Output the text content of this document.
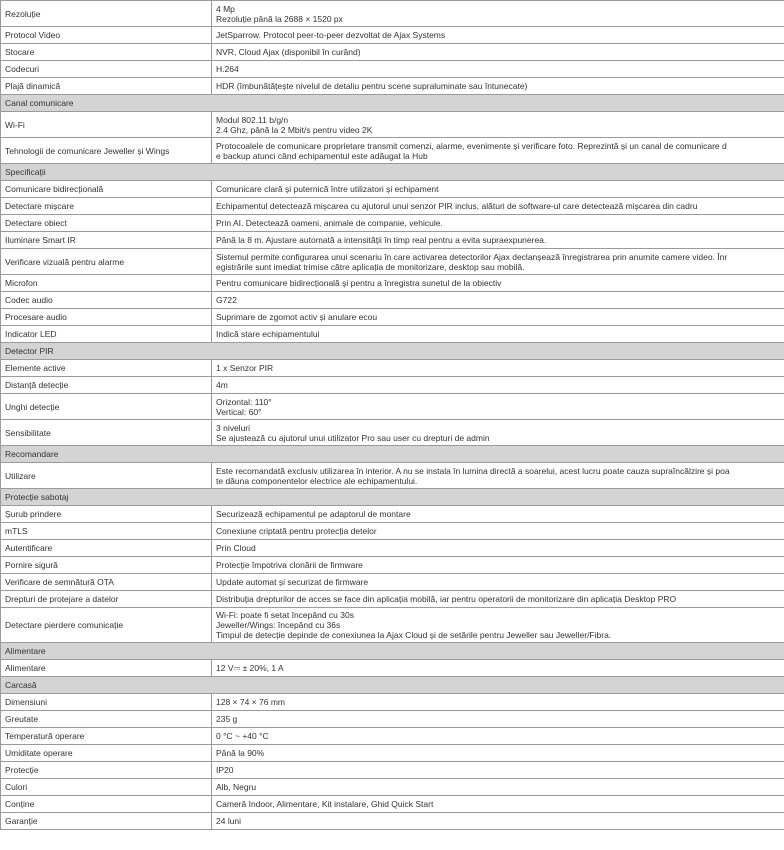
Rezoluție	4 Mp
Rezoluție până la 2688 × 1520 px

Protocol Video	JetSparrow. Protocol peer-to-peer dezvoltat de Ajax Systems

Stocare	NVR, Cloud Ajax (disponibil în curând)

Codecuri	H.264

Plajă dinamică	HDR (îmbunătățește nivelul de detaliu pentru scene supraluminate sau întunecate)

Canal comunicare	
Wi-Fi	Modul 802.11 b/g/n
2.4 Ghz, până la 2 Mbit/s pentru video 2K

Tehnologii de comunicare Jeweller și Wings	Protocoalele de comunicare proprietare transmit comenzi, alarme, evenimente și verificare foto. Reprezintă și un canal de comunicare d
e backup atunci când echipamentul este adăugat la Hub

Specificații	
Comunicare bidirecțională	Comunicare clară și puternică între utilizatori și echipament

Detectare mișcare	Echipamentul detectează mișcarea cu ajutorul unui senzor PIR inclus, alături de software-ul care detectează mișcarea din cadru

Detectare obiect	Prin AI. Detectează oameni, animale de companie, vehicule.

Iluminare Smart IR	Până la 8 m. Ajustare automată a intensității în timp real pentru a evita supraexpunerea.

Verificare vizuală pentru alarme	Sistemul permite configurarea unui scenariu în care activarea detectorilor Ajax declanșează înregistrarea prin anumite camere video. Înr
egistrările sunt imediat trimise către aplicația de monitorizare, desktop sau mobilă.

Microfon	Pentru comunicare bidirecțională și pentru a înregistra sunetul de la obiectiv

Codec audio	G722

Procesare audio	Suprimare de zgomot activ și anulare ecou

Indicator LED	Indică stare echipamentului

Detector PIR	
Elemente active	1 x Senzor PIR

Distanță detecție	4m

Unghi detecție	Orizontal: 110°
Vertical: 60°

Sensibilitate	3 niveluri
Se ajustează cu ajutorul unui utilizator Pro sau user cu drepturi de admin

Recomandare	
Utilizare	Este recomandată exclusiv utilizarea în interior. A nu se instala în lumina directă a soarelui, acest lucru poate cauza supraîncălzire și poa
te dăuna componentelor electrice ale echipamentului.

Protecție sabotaj	
Șurub prindere	Securizează echipamentul pe adaptorul de montare

mTLS	Conexiune criptată pentru protecția detelor

Autentificare	Prin Cloud

Pornire sigură	Protecție împotriva clonării de firmware

Verificare de semnătură OTA	Update automat și securizat de firmware

Drepturi de protejare a datelor	Distribuția drepturilor de acces se face din aplicația mobilă, iar pentru operatorii de monitorizare din aplicația Desktop PRO

Detectare pierdere comunicație	Wi-Fi: poate fi setat începând cu 30s
Jeweller/Wings: începând cu 36s
Timpul de detecție depinde de conexiunea la Ajax Cloud și de setările pentru Jeweller sau Jeweller/Fibra.

Alimentare	
Alimentare	12 V⎓ ± 20%, 1 A

Carcasă	
Dimensiuni	128 × 74 × 76 mm

Greutate	235 g

Temperatură operare	0 °C ~ +40 °C

Umiditate operare	Până la 90%

Protecție	IP20

Culori	Alb, Negru

Conține	Cameră Indoor, Alimentare, Kit instalare, Ghid Quick Start

Garanție	24 luni
